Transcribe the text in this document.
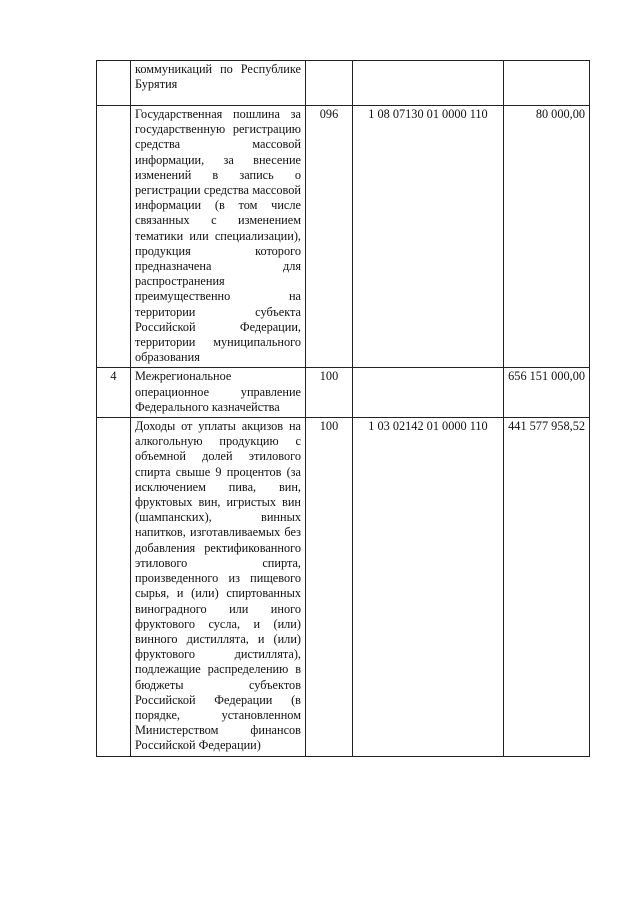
	коммуникаций по Республике Бурятия			
	Государственная пошлина за государственную регистрацию средства массовой информации, за внесение изменений в запись о регистрации средства массовой информации (в том числе связанных с изменением тематики или специализации), продукция которого предназначена для распространения преимущественно на территории субъекта Российской Федерации, территории муниципального образования	096	1 08 07130 01 0000 110	80 000,00
4	Межрегиональное операционное управление Федерального казначейства	100		656 151 000,00
	Доходы от уплаты акцизов на алкогольную продукцию с объемной долей этилового спирта свыше 9 процентов (за исключением пива, вин, фруктовых вин, игристых вин (шампанских), винных напитков, изготавливаемых без добавления ректификованного этилового спирта, произведенного из пищевого сырья, и (или) спиртованных виноградного или иного фруктового сусла, и (или) винного дистиллята, и (или) фруктового дистиллята), подлежащие распределению в бюджеты субъектов Российской Федерации (в порядке, установленном Министерством финансов Российской Федерации)	100	1 03 02142 01 0000 110	441 577 958,52
